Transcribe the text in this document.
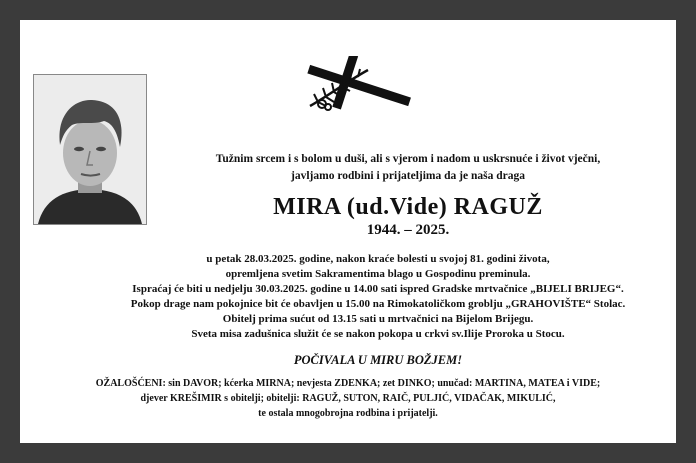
Tužnim srcem i s bolom u duši, ali s vjerom i nadom u uskrsnuće i život vječni,
javljamo rodbini i prijateljima da je naša draga
MIRA (ud.Vide) RAGUŽ
1944. – 2025.
u petak 28.03.2025. godine, nakon kraće bolesti u svojoj 81. godini života,
opremljena svetim Sakramentima blago u Gospodinu preminula.
Ispraćaj će biti u nedjelju 30.03.2025. godine u 14.00 sati ispred Gradske mrtvačnice „BIJELI BRIJEG“.
Pokop drage nam pokojnice bit će obavljen u 15.00 na Rimokatoličkom groblju „GRAHOVIŠTE“ Stolac.
Obitelj prima sućut od 13.15 sati u mrtvačnici na Bijelom Brijegu.
Sveta misa zadušnica služit će se nakon pokopa u crkvi sv.Ilije Proroka u Stocu.
POČIVALA U MIRU BOŽJEM!
OŽALOŠĆENI: sin DAVOR; kćerka MIRNA; nevjesta ZDENKA; zet DINKO; unučad: MARTINA, MATEA i VIDE;
djever KREŠIMIR s obitelji; obitelji: RAGUŽ, SUTON, RAIČ, PULJIĆ, VIDAČAK, MIKULIĆ,
te ostala mnogobrojna rodbina i prijatelji.
